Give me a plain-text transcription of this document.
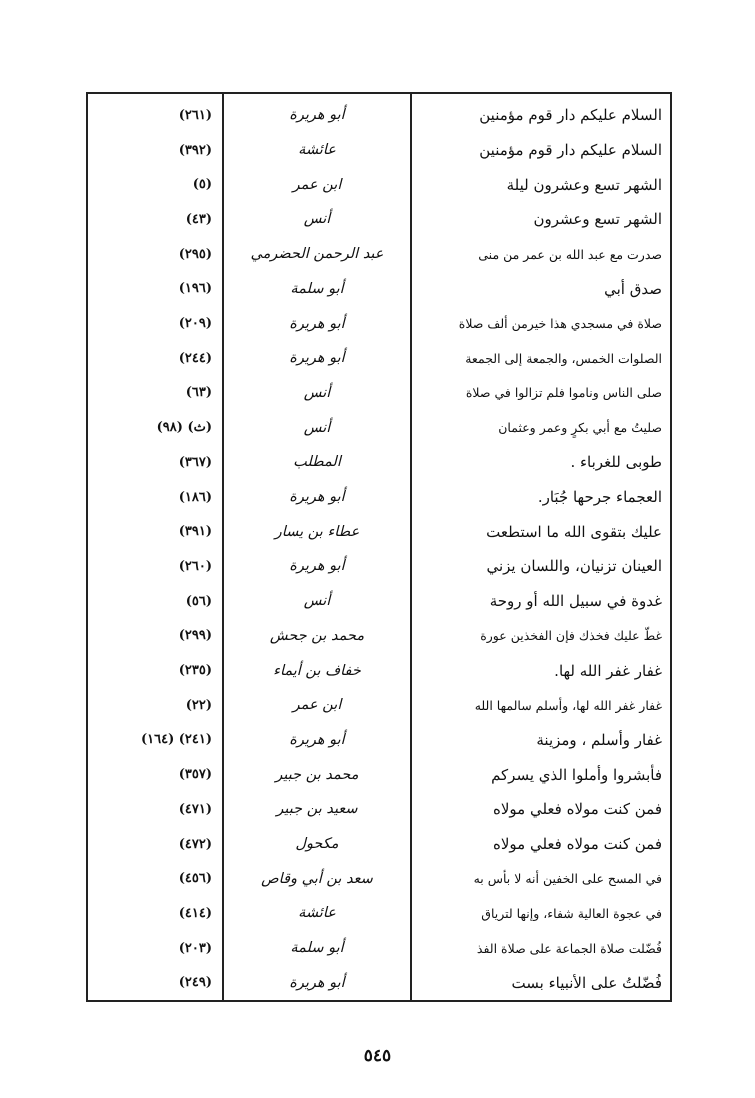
(٢٦١)	أبو هريرة	السلام عليكم دار قوم مؤمنين
(٣٩٢)	عائشة	السلام عليكم دار قوم مؤمنين
(٥)	ابن عمر	الشهر تسع وعشرون ليلة
(٤٣)	أنس	الشهر تسع وعشرون
(٢٩٥)	عبد الرحمن الحضرمي	صدرت مع عبد الله بن عمر من منى
(١٩٦)	أبو سلمة	صدق أبي
(٢٠٩)	أبو هريرة	صلاة في مسجدي هذا خيرمن ألف صلاة
(٢٤٤)	أبو هريرة	الصلوات الخمس، والجمعة إلى الجمعة
(٦٣)	أنس	صلى الناس وناموا فلم تزالوا في صلاة
(٩٨) (ث)	أنس	صليتُ مع أبي بكرٍ وعمر وعثمان
(٣٦٧)	المطلب	طوبى للغرباء .
(١٨٦)	أبو هريرة	العجماء جرحها جُبَار.
(٣٩١)	عطاء بن يسار	عليك بتقوى الله ما استطعت
(٢٦٠)	أبو هريرة	العينان تزنيان، واللسان يزني
(٥٦)	أنس	غدوة في سبيل الله أو روحة
(٢٩٩)	محمد بن جحش	غطّ عليك فخذك فإن الفخذين عورة
(٢٣٥)	خفاف بن أيماء	غفار غفر الله لها.
(٢٢)	ابن عمر	غفار غفر الله لها، وأسلم سالمها الله
(١٦٤) (٢٤١)	أبو هريرة	غفار وأسلم ، ومزينة
(٣٥٧)	محمد بن جبير	فأبشروا وأملوا الذي يسركم
(٤٧١)	سعيد بن جبير	فمن كنت مولاه فعلي مولاه
(٤٧٢)	مكحول	فمن كنت مولاه فعلي مولاه
(٤٥٦)	سعد بن أبي وقاص	في المسح على الخفين أنه لا بأس به
(٤١٤)	عائشة	في عجوة العالية شفاء، وإنها لترياق
(٢٠٣)	أبو سلمة	فُضّلت صلاة الجماعة على صلاة الفذ
(٢٤٩)	أبو هريرة	فُضّلتُ على الأنبياء بست
٥٤٥
